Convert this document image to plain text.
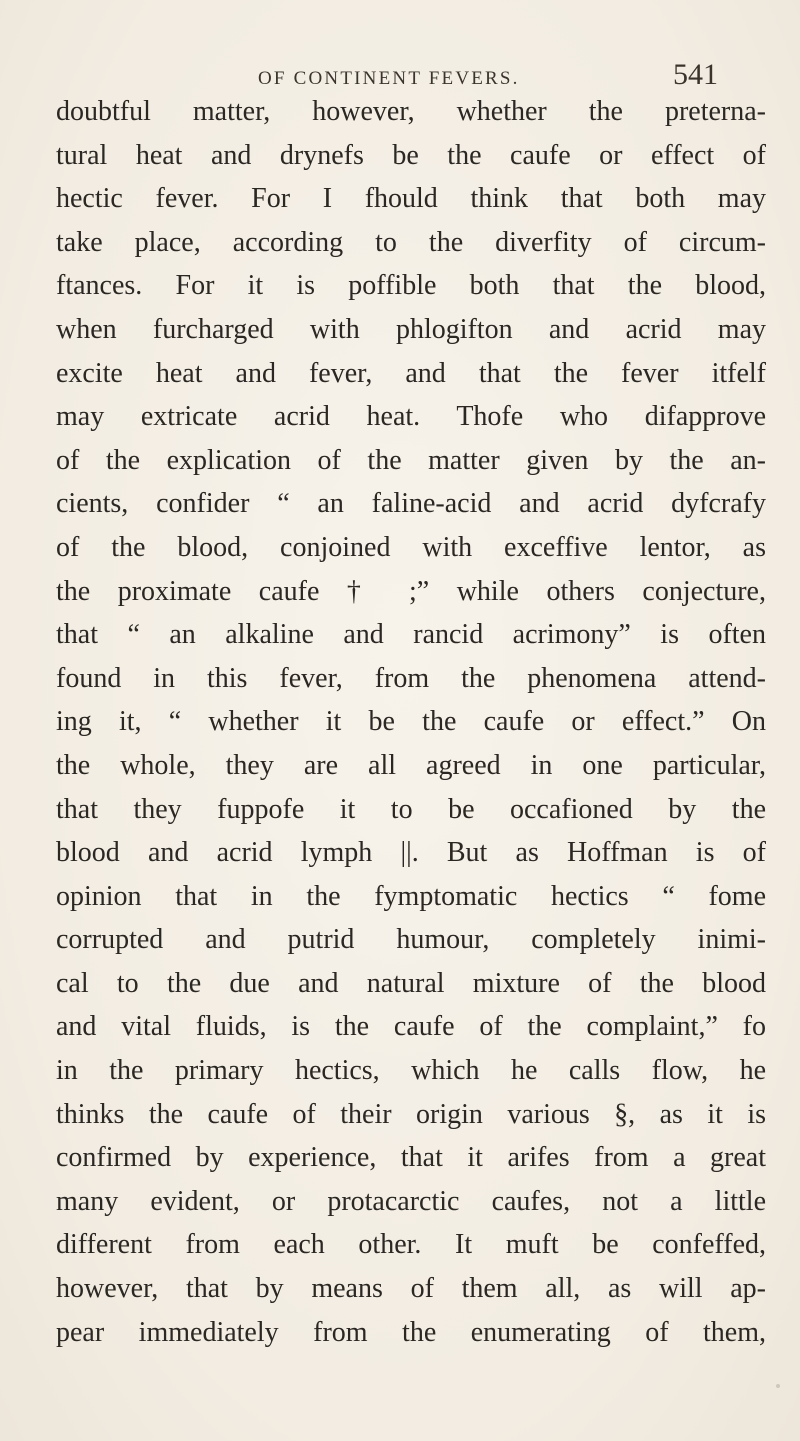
OF CONTINENT FEVERS.	541
doubtful matter, however, whether the preterna-
tural heat and drynefs be the caufe or effect of
hectic fever. For I fhould think that both may
take place, according to the diverfity of circum-
ftances. For it is poffible both that the blood,
when furcharged with phlogifton and acrid may
excite heat and fever, and that the fever itfelf
may extricate acrid heat. Thofe who difapprove
of the explication of the matter given by the an-
cients, confider “ an faline-acid and acrid dyfcrafy
of the blood, conjoined with exceffive lentor, as
the proximate caufe † ;” while others conjecture,
that “ an alkaline and rancid acrimony” is often
found in this fever, from the phenomena attend-
ing it, “ whether it be the caufe or effect.” On
the whole, they are all agreed in one particular,
that they fuppofe it to be occafioned by the
blood and acrid lymph ||. But as Hoffman is of
opinion that in the fymptomatic hectics “ fome
corrupted and putrid humour, completely inimi-
cal to the due and natural mixture of the blood
and vital fluids, is the caufe of the complaint,” fo
in the primary hectics, which he calls flow, he
thinks the caufe of their origin various §, as it is
confirmed by experience, that it arifes from a great
many evident, or protacarctic caufes, not a little
different from each other. It muft be confeffed,
however, that by means of them all, as will ap-
pear immediately from the enumerating of them,
